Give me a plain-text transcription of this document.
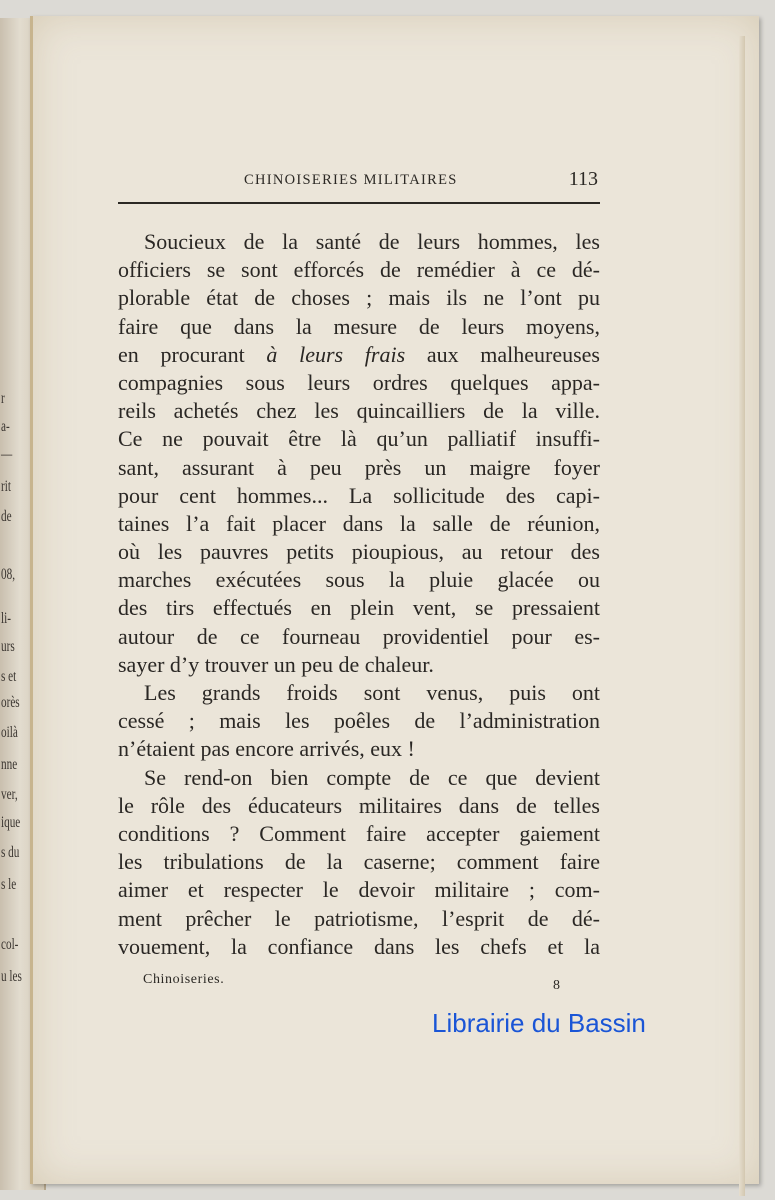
r
a-
—
rit
de
08,
li-
urs
s et
orès
oilà
nne
ver,
ique
s du
s le
col-
u les
CHINOISERIES MILITAIRES	113
Soucieux de la santé de leurs hommes, les
officiers se sont efforcés de remédier à ce dé-
plorable état de choses ; mais ils ne l’ont pu
faire que dans la mesure de leurs moyens,
en procurant à leurs frais aux malheureuses
compagnies sous leurs ordres quelques appa-
reils achetés chez les quincailliers de la ville.
Ce ne pouvait être là qu’un palliatif insuffi-
sant, assurant à peu près un maigre foyer
pour cent hommes... La sollicitude des capi-
taines l’a fait placer dans la salle de réunion,
où les pauvres petits pioupious, au retour des
marches exécutées sous la pluie glacée ou
des tirs effectués en plein vent, se pressaient
autour de ce fourneau providentiel pour es-
sayer d’y trouver un peu de chaleur.
Les grands froids sont venus, puis ont
cessé ; mais les poêles de l’administration
n’étaient pas encore arrivés, eux !
Se rend-on bien compte de ce que devient
le rôle des éducateurs militaires dans de telles
conditions ? Comment faire accepter gaiement
les tribulations de la caserne; comment faire
aimer et respecter le devoir militaire ; com-
ment prêcher le patriotisme, l’esprit de dé-
vouement, la confiance dans les chefs et la
Chinoiseries.	8
Librairie du Bassin
